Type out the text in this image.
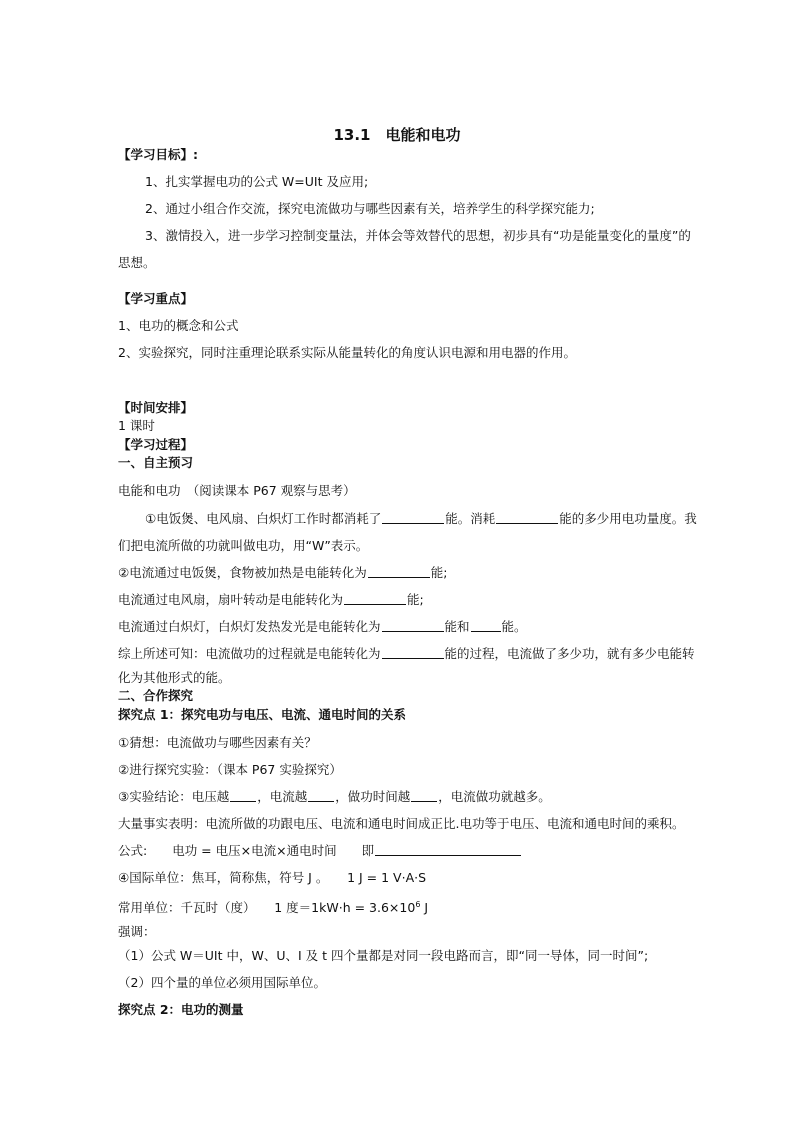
13.1　电能和电功
【学习目标】:
1、扎实掌握电功的公式 W=UIt 及应用;
2、通过小组合作交流，探究电流做功与哪些因素有关，培养学生的科学探究能力;
3、激情投入，进一步学习控制变量法，并体会等效替代的思想，初步具有“功是能量变化的量度”的
思想。
【学习重点】
1、电功的概念和公式
2、实验探究，同时注重理论联系实际从能量转化的角度认识电源和用电器的作用。
【时间安排】
1 课时
【学习过程】
一、自主预习
电能和电功　（阅读课本 P67 观察与思考）
①电饭煲、电风扇、白炽灯工作时都消耗了	能。消耗	能的多少用电功量度。我
们把电流所做的功就叫做电功，用“W”表示。
②电流通过电饭煲，食物被加热是电能转化为	能;
电流通过电风扇，扇叶转动是电能转化为	能;
电流通过白炽灯，白炽灯发热发光是电能转化为	能和	能。
综上所述可知：电流做功的过程就是电能转化为	能的过程，电流做了多少功，就有多少电能转
化为其他形式的能。
二、合作探究
探究点 1：探究电功与电压、电流、通电时间的关系
①猜想：电流做功与哪些因素有关？
②进行探究实验：（课本 P67 实验探究）
③实验结论：电压越 ，电流越 ，做功时间越 ，电流做功就越多。
大量事实表明：电流所做的功跟电压、电流和通电时间成正比.电功等于电压、电流和通电时间的乘积。
公式:　　电功 = 电压×电流×通电时间　　即
④国际单位：焦耳，简称焦，符号 J 。　　1 J = 1 V·A·S
常用单位：千瓦时（度）　　1 度$=1kW\cdot h = 3.6\times 10^6$ J
强调：
（1）公式 W＝UIt 中，W、U、I 及 t 四个量都是对同一段电路而言，即“同一导体，同一时间”;
（2）四个量的单位必须用国际单位。
探究点 2：电功的测量
